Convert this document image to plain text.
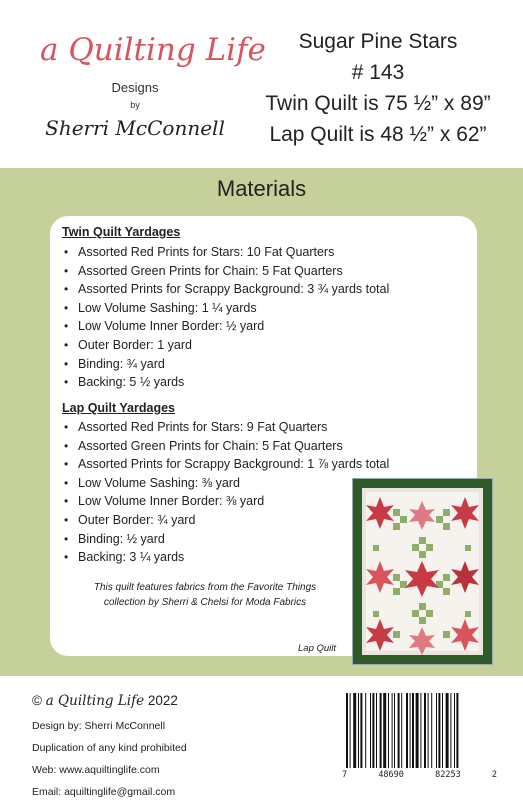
a Quilting Life
Designs
by
Sherri McConnell
Sugar Pine Stars
# 143
Twin Quilt is 75 ½” x 89”
Lap Quilt is 48 ½” x 62”
Materials
Twin Quilt Yardages
• Assorted Red Prints for Stars: 10 Fat Quarters
• Assorted Green Prints for Chain: 5 Fat Quarters
• Assorted Prints for Scrappy Background: 3 ¾ yards total
• Low Volume Sashing: 1 ¼ yards
• Low Volume Inner Border: ½ yard
• Outer Border: 1 yard
• Binding: ¾ yard
• Backing: 5 ½ yards
Lap Quilt Yardages
• Assorted Red Prints for Stars: 9 Fat Quarters
• Assorted Green Prints for Chain: 5 Fat Quarters
• Assorted Prints for Scrappy Background: 1 ⅞ yards total
• Low Volume Sashing: ⅜ yard
• Low Volume Inner Border: ⅜ yard
• Outer Border: ¾ yard
• Binding: ½ yard
• Backing: 3 ¼ yards
This quilt features fabrics from the Favorite Things
collection by Sherri & Chelsi for Moda Fabrics
Lap Quilt
© a Quilting Life 2022
Design by: Sherri McConnell
Duplication of any kind prohibited
Web: www.aquiltinglife.com
Email: aquiltinglife@gmail.com
7	48690	82253	2
